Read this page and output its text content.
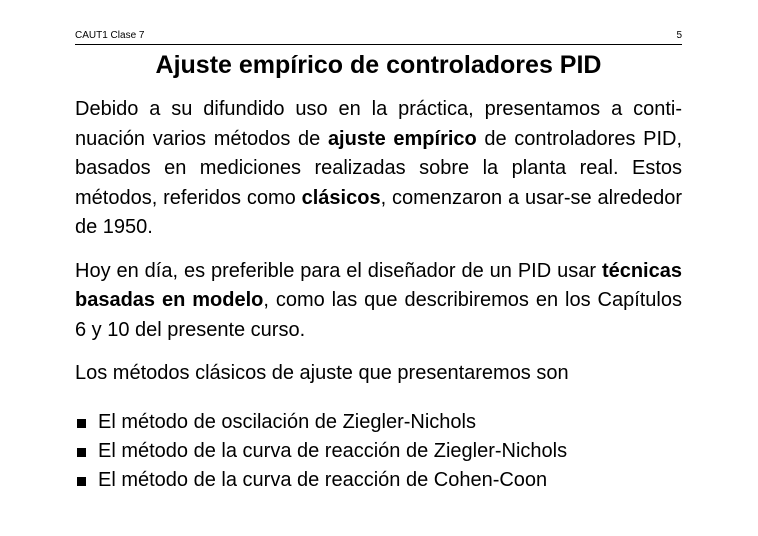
CAUT1 Clase 7	5
Ajuste empírico de controladores PID

Debido a su difundido uso en la práctica, presentamos a conti-nuación varios métodos de ajuste empírico de controladores PID, basados en mediciones realizadas sobre la planta real. Estos métodos, referidos como clásicos, comenzaron a usar-se alrededor de 1950.

Hoy en día, es preferible para el diseñador de un PID usar técnicas basadas en modelo, como las que describiremos en los Capítulos 6 y 10 del presente curso.

Los métodos clásicos de ajuste que presentaremos son

El método de oscilación de Ziegler-Nichols
El método de la curva de reacción de Ziegler-Nichols
El método de la curva de reacción de Cohen-Coon
